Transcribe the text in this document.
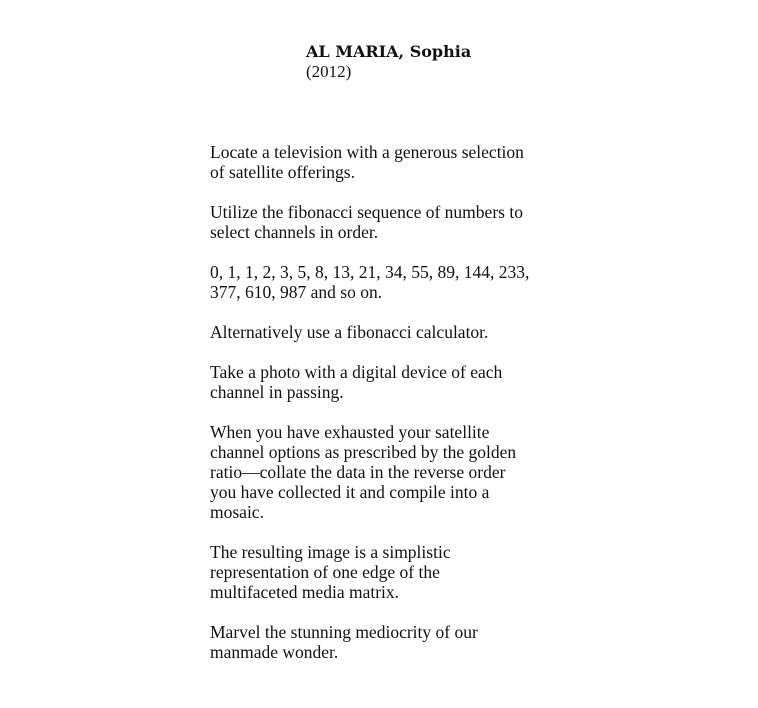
AL MARIA, Sophia
(2012)

Locate a television with a generous selection
of satellite offerings.

Utilize the fibonacci sequence of numbers to
select channels in order.

0, 1, 1, 2, 3, 5, 8, 13, 21, 34, 55, 89, 144, 233,
377, 610, 987 and so on.

Alternatively use a fibonacci calculator.

Take a photo with a digital device of each
channel in passing.

When you have exhausted your satellite
channel options as prescribed by the golden
ratio—collate the data in the reverse order
you have collected it and compile into a
mosaic.

The resulting image is a simplistic
representation of one edge of the
multifaceted media matrix.

Marvel the stunning mediocrity of our
manmade wonder.
